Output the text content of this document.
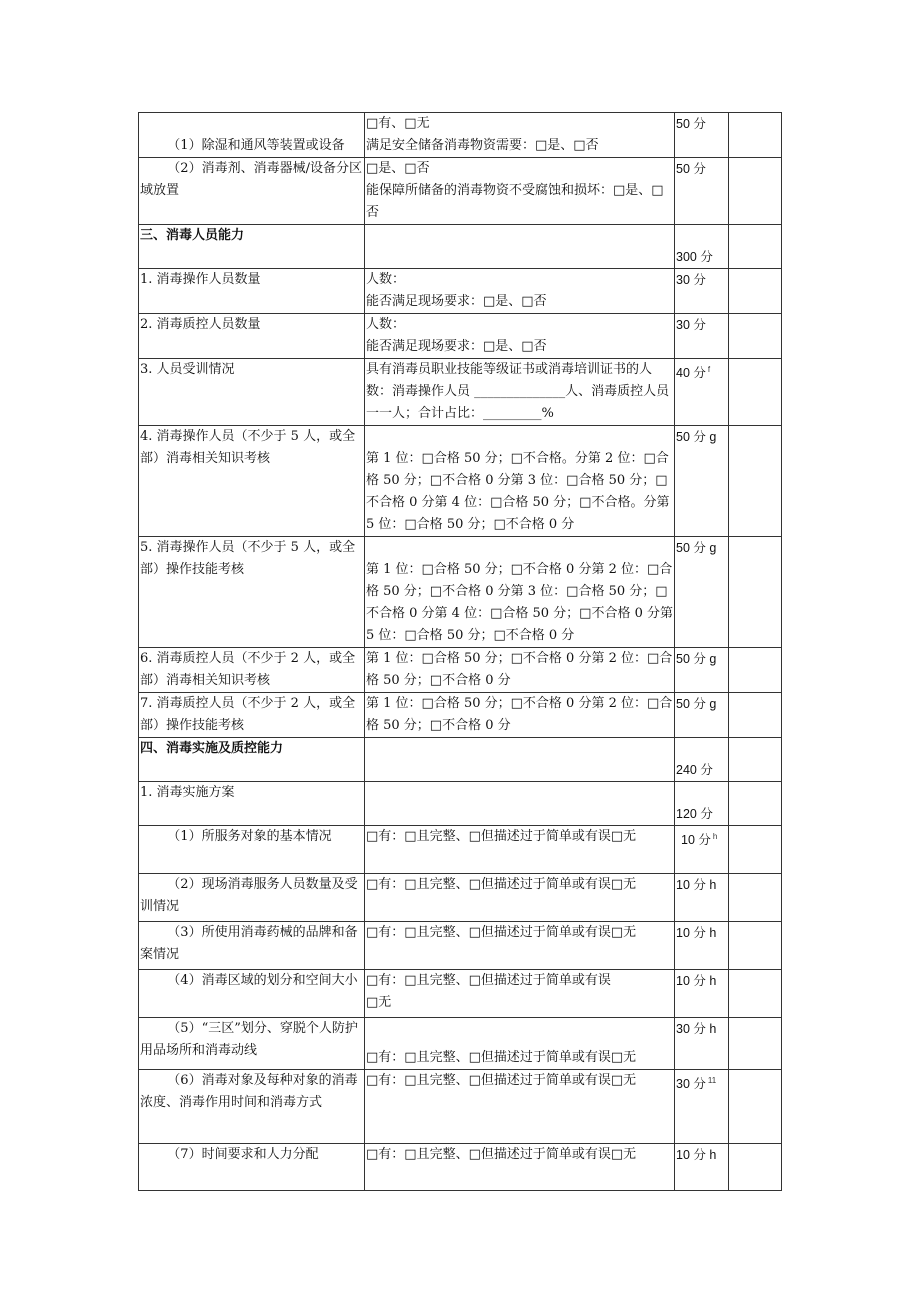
（1）除湿和通风等装置或设备	□有、□无
满足安全储备消毒物资需要：□是、□否	50 分	
（2）消毒剂、消毒器械/设备分区域放置	□是、□否
能保障所储备的消毒物资不受腐蚀和损坏：□是、□否	50 分	
三、消毒人员能力		300 分	
1. 消毒操作人员数量	人数：
能否满足现场要求：□是、□否	30 分	
2. 消毒质控人员数量	人数：
能否满足现场要求：□是、□否	30 分	
3. 人员受训情况	具有消毒员职业技能等级证书或消毒培训证书的人数：消毒操作人员 ______________人、消毒质控人员一一人；合计占比：_________%	40 分 $^f$	
4. 消毒操作人员（不少于 5 人，或全部）消毒相关知识考核	第 1 位：□合格 50 分；□不合格。分第 2 位：□合格 50 分；□不合格 0 分第 3 位：□合格 50 分；□不合格 0 分第 4 位：□合格 50 分；□不合格。分第 5 位：□合格 50 分；□不合格 0 分	50 分 g	
5. 消毒操作人员（不少于 5 人，或全部）操作技能考核	第 1 位：□合格 50 分；□不合格 0 分第 2 位：□合格 50 分；□不合格 0 分第 3 位：□合格 50 分；□不合格 0 分第 4 位：□合格 50 分；□不合格 0 分第 5 位：□合格 50 分；□不合格 0 分	50 分 g	
6. 消毒质控人员（不少于 2 人，或全部）消毒相关知识考核	第 1 位：□合格 50 分；□不合格 0 分第 2 位：□合格 50 分；□不合格 0 分	50 分 g	
7. 消毒质控人员（不少于 2 人，或全部）操作技能考核	第 1 位：□合格 50 分；□不合格 0 分第 2 位：□合格 50 分；□不合格 0 分	50 分 g	
四、消毒实施及质控能力		240 分	
1. 消毒实施方案		120 分	
（1）所服务对象的基本情况	□有：□且完整、□但描述过于简单或有误□无	10 分 $^h$	
（2）现场消毒服务人员数量及受训情况	□有：□且完整、□但描述过于简单或有误□无	10 分 h	
（3）所使用消毒药械的品牌和备案情况	□有：□且完整、□但描述过于简单或有误□无	10 分 h	
（4）消毒区域的划分和空间大小	□有：□且完整、□但描述过于简单或有误
□无	10 分 h	
（5）“三区”划分、穿脱个人防护用品场所和消毒动线	□有：□且完整、□但描述过于简单或有误□无	30 分 h	
（6）消毒对象及每种对象的消毒浓度、消毒作用时间和消毒方式	□有：□且完整、□但描述过于简单或有误□无	30 分 $^{11}$	
（7）时间要求和人力分配	□有：□且完整、□但描述过于简单或有误□无	10 分 h	
